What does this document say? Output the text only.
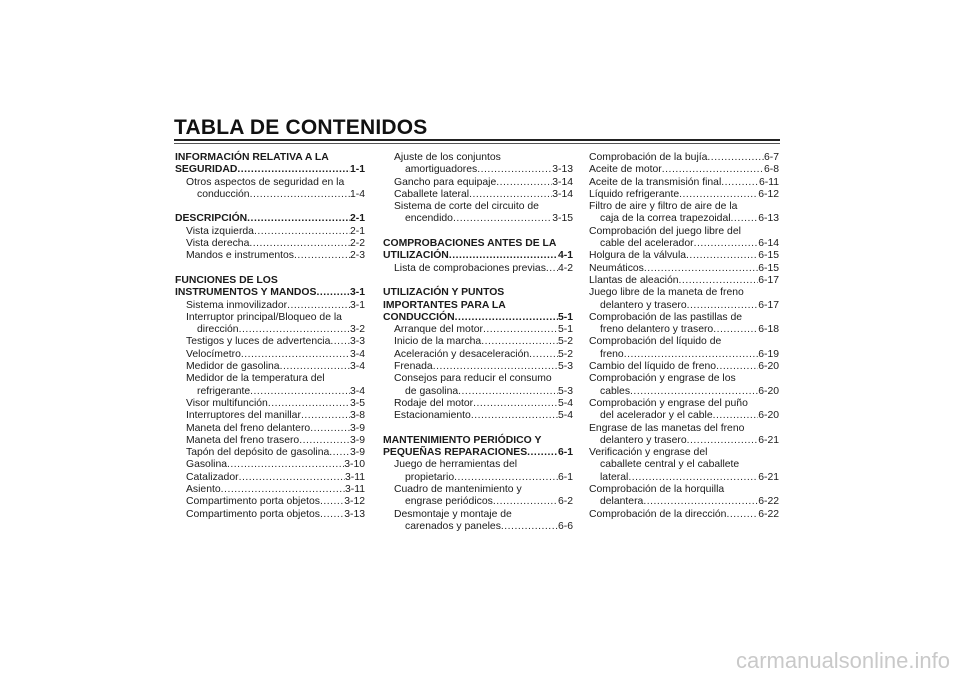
TABLA DE CONTENIDOS
INFORMACIÓN RELATIVA A LA
SEGURIDAD .....	1-1
Otros aspectos de seguridad en la
conducción .....	1-4
DESCRIPCIÓN .....	2-1
Vista izquierda .....	2-1
Vista derecha .....	2-2
Mandos e instrumentos .....	2-3
FUNCIONES DE LOS
INSTRUMENTOS Y MANDOS .....	3-1
Sistema inmovilizador .....	3-1
Interruptor principal/Bloqueo de la
dirección .....	3-2
Testigos y luces de advertencia ..... 3-3
Velocímetro .....	3-4
Medidor de gasolina .....	3-4
Medidor de la temperatura del
refrigerante .....	3-4
Visor multifunción .....	3-5
Interruptores del manillar .....	3-8
Maneta del freno delantero .....	3-9
Maneta del freno trasero .....	3-9
Tapón del depósito de gasolina ..... 3-9
Gasolina .....	3-10
Catalizador .....	3-11
Asiento .....	3-11
Compartimento porta objetos ..... 3-12
Compartimento porta objetos ..... 3-13
Ajuste de los conjuntos
amortiguadores .....	3-13
Gancho para equipaje .....	3-14
Caballete lateral .....	3-14
Sistema de corte del circuito de
encendido .....	3-15
COMPROBACIONES ANTES DE LA
UTILIZACIÓN .....	4-1
Lista de comprobaciones previas ..... 4-2
UTILIZACIÓN Y PUNTOS
IMPORTANTES PARA LA
CONDUCCIÓN .....	5-1
Arranque del motor .....	5-1
Inicio de la marcha .....	5-2
Aceleración y desaceleración .....	5-2
Frenada .....	5-3
Consejos para reducir el consumo
de gasolina .....	5-3
Rodaje del motor .....	5-4
Estacionamiento .....	5-4
MANTENIMIENTO PERIÓDICO Y
PEQUEÑAS REPARACIONES .....	6-1
Juego de herramientas del
propietario .....	6-1
Cuadro de mantenimiento y
engrase periódicos .....	6-2
Desmontaje y montaje de
carenados y paneles .....	6-6
Comprobación de la bujía .....	6-7
Aceite de motor .....	6-8
Aceite de la transmisión final .....	6-11
Líquido refrigerante .....	6-12
Filtro de aire y filtro de aire de la
caja de la correa trapezoidal .....	6-13
Comprobación del juego libre del
cable del acelerador .....	6-14
Holgura de la válvula .....	6-15
Neumáticos .....	6-15
Llantas de aleación .....	6-17
Juego libre de la maneta de freno
delantero y trasero .....	6-17
Comprobación de las pastillas de
freno delantero y trasero .....	6-18
Comprobación del líquido de
freno .....	6-19
Cambio del líquido de freno .....	6-20
Comprobación y engrase de los
cables .....	6-20
Comprobación y engrase del puño
del acelerador y el cable .....	6-20
Engrase de las manetas del freno
delantero y trasero .....	6-21
Verificación y engrase del
caballete central y el caballete
lateral .....	6-21
Comprobación de la horquilla
delantera .....	6-22
Comprobación de la dirección .....	6-22
carmanualsonline.info
